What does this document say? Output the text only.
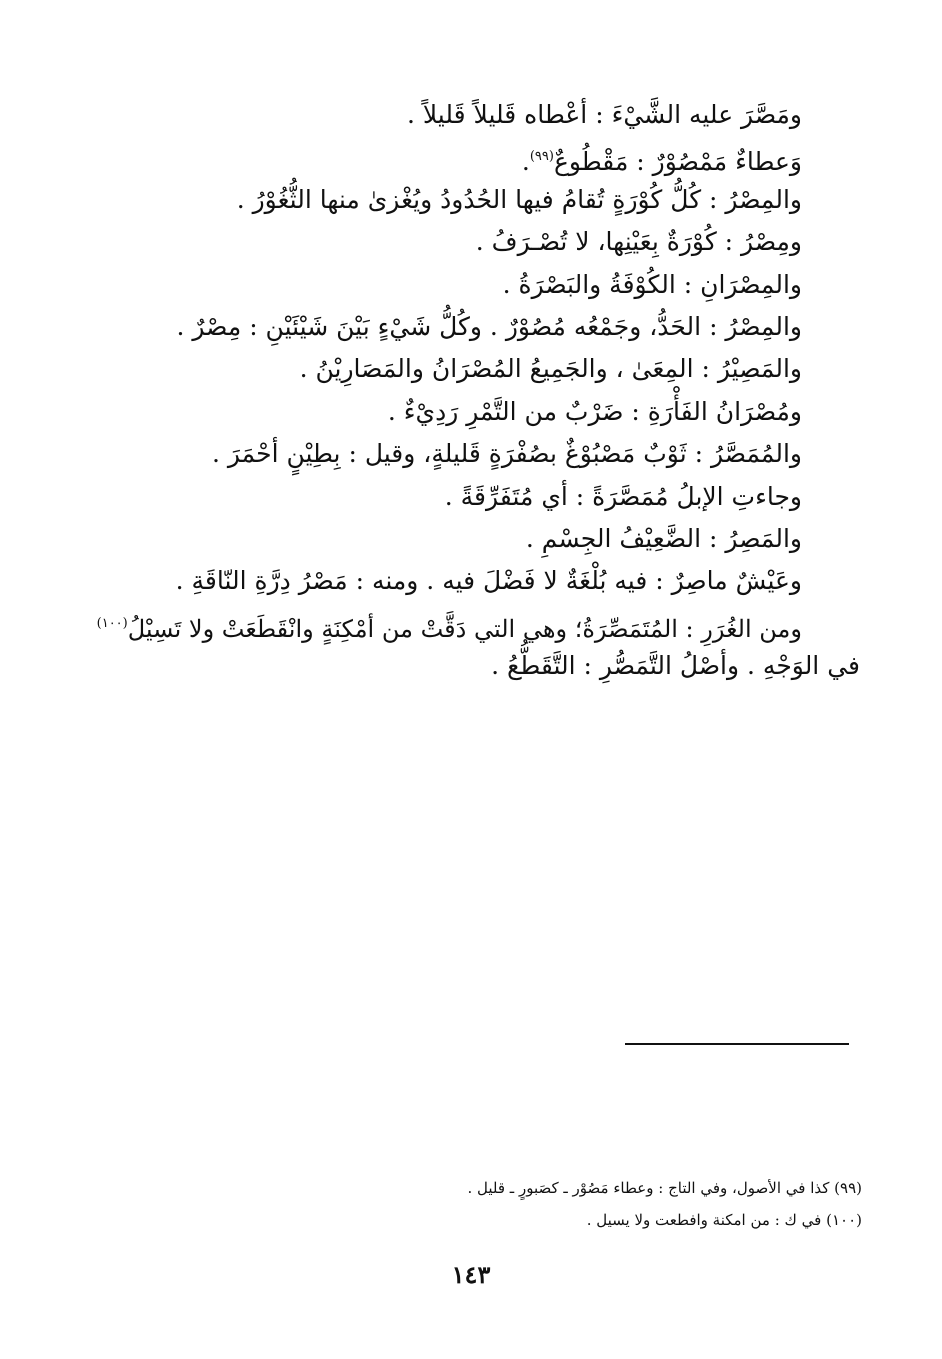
ومَصَّرَ عليه الشَّيْءَ : أعْطاه قَليلاً قَليلاً .
وَعطاءٌ مَمْصُوْرٌ : مَقْطُوعٌ$^{(٩٩)}$.
والمِصْرُ : كُلُّ كُوْرَةٍ تُقامُ فيها الحُدُودُ ويُغْزىٰ منها الثُّغُوْرُ .
ومِصْرُ : كُوْرَةٌ بِعَيْنِها، لا تُصْـرَفُ .
والمِصْرَانِ : الكُوْفَةُ والبَصْرَةُ .
والمِصْرُ : الحَدُّ، وجَمْعُه مُصُوْرٌ . وكُلُّ شَيْءٍ بَيْنَ شَيْئَيْنِ : مِصْرٌ .
والمَصِيْرُ : المِعَىٰ ، والجَمِيعُ المُصْرَانُ والمَصَارِيْنُ .
ومُصْرَانُ الفَأْرَةِ : ضَرْبٌ من التَّمْرِ رَدِيْءٌ .
والمُمَصَّرُ : ثَوْبٌ مَصْبُوْغٌ بصُفْرَةٍ قَليلةٍ، وقيل : بِطِيْنٍ أحْمَرَ .
وجاءتِ الإبلُ مُمَصَّرَةً : أي مُتَفَرِّقَةً .
والمَصِرُ : الضَّعِيْفُ الجِسْمِ .
وعَيْشٌ ماصِرٌ : فيه بُلْغَةٌ لا فَضْلَ فيه . ومنه : مَصْرُ دِرَّةِ النّاقَةِ .
ومن الغُرَرِ : المُتَمَصِّرَةُ؛ وهي التي دَقَّتْ من أمْكِنَةٍ وانْقَطَعَتْ ولا تَسِيْلُ$^{(١٠٠)}$
في الوَجْهِ . وأصْلُ التَّمَصُّرِ : التَّقَطُّعُ .
(٩٩) كذا في الأصول، وفي التاج : وعطاء مَصُوْر ـ كصَبورٍ ـ قليل .
(١٠٠) في ك : من امكنة وافطعت ولا يسيل .
١٤٣
